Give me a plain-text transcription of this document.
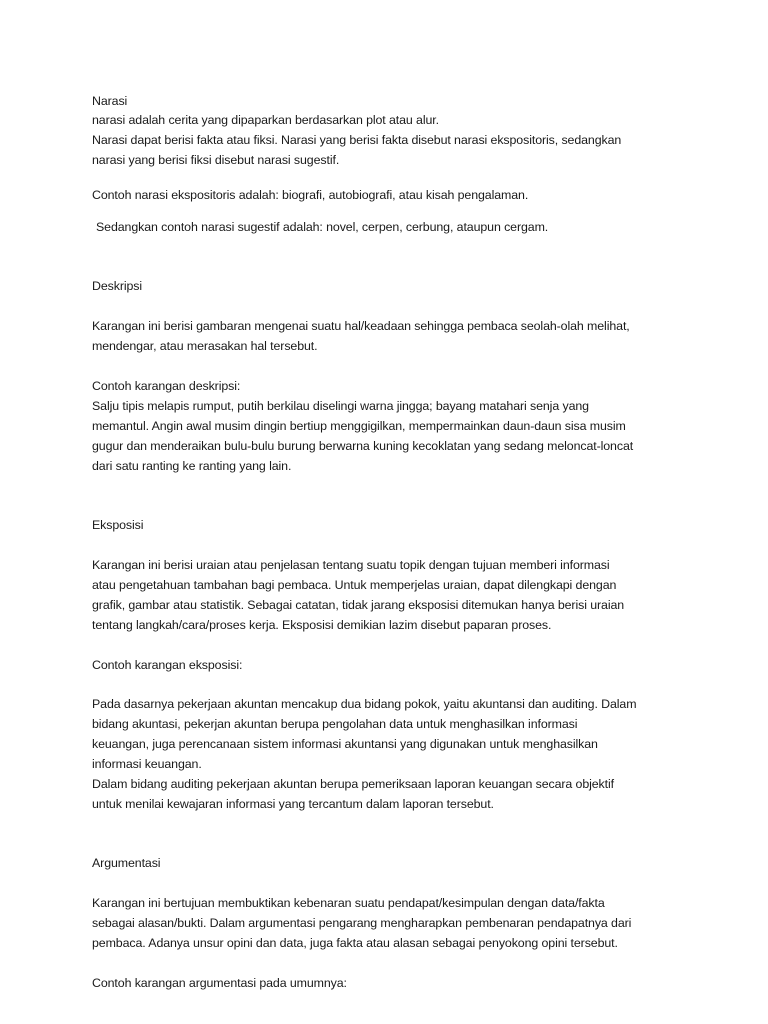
Narasi
narasi adalah cerita yang dipaparkan berdasarkan plot atau alur.
Narasi dapat berisi fakta atau fiksi. Narasi yang berisi fakta disebut narasi ekspositoris, sedangkan
narasi yang berisi fiksi disebut narasi sugestif.
Contoh narasi ekspositoris adalah: biografi, autobiografi, atau kisah pengalaman.
Sedangkan contoh narasi sugestif adalah: novel, cerpen, cerbung, ataupun cergam.
Deskripsi
Karangan ini berisi gambaran mengenai suatu hal/keadaan sehingga pembaca seolah-olah melihat,
mendengar, atau merasakan hal tersebut.
Contoh karangan deskripsi:
Salju tipis melapis rumput, putih berkilau diselingi warna jingga; bayang matahari senja yang
memantul. Angin awal musim dingin bertiup menggigilkan, mempermainkan daun-daun sisa musim
gugur dan menderaikan bulu-bulu burung berwarna kuning kecoklatan yang sedang meloncat-loncat
dari satu ranting ke ranting yang lain.
Eksposisi
Karangan ini berisi uraian atau penjelasan tentang suatu topik dengan tujuan memberi informasi
atau pengetahuan tambahan bagi pembaca. Untuk memperjelas uraian, dapat dilengkapi dengan
grafik, gambar atau statistik. Sebagai catatan, tidak jarang eksposisi ditemukan hanya berisi uraian
tentang langkah/cara/proses kerja. Eksposisi demikian lazim disebut paparan proses.
Contoh karangan eksposisi:
Pada dasarnya pekerjaan akuntan mencakup dua bidang pokok, yaitu akuntansi dan auditing. Dalam
bidang akuntasi, pekerjan akuntan berupa pengolahan data untuk menghasilkan informasi
keuangan, juga perencanaan sistem informasi akuntansi yang digunakan untuk menghasilkan
informasi keuangan.
Dalam bidang auditing pekerjaan akuntan berupa pemeriksaan laporan keuangan secara objektif
untuk menilai kewajaran informasi yang tercantum dalam laporan tersebut.
Argumentasi
Karangan ini bertujuan membuktikan kebenaran suatu pendapat/kesimpulan dengan data/fakta
sebagai alasan/bukti. Dalam argumentasi pengarang mengharapkan pembenaran pendapatnya dari
pembaca. Adanya unsur opini dan data, juga fakta atau alasan sebagai penyokong opini tersebut.
Contoh karangan argumentasi pada umumnya:
